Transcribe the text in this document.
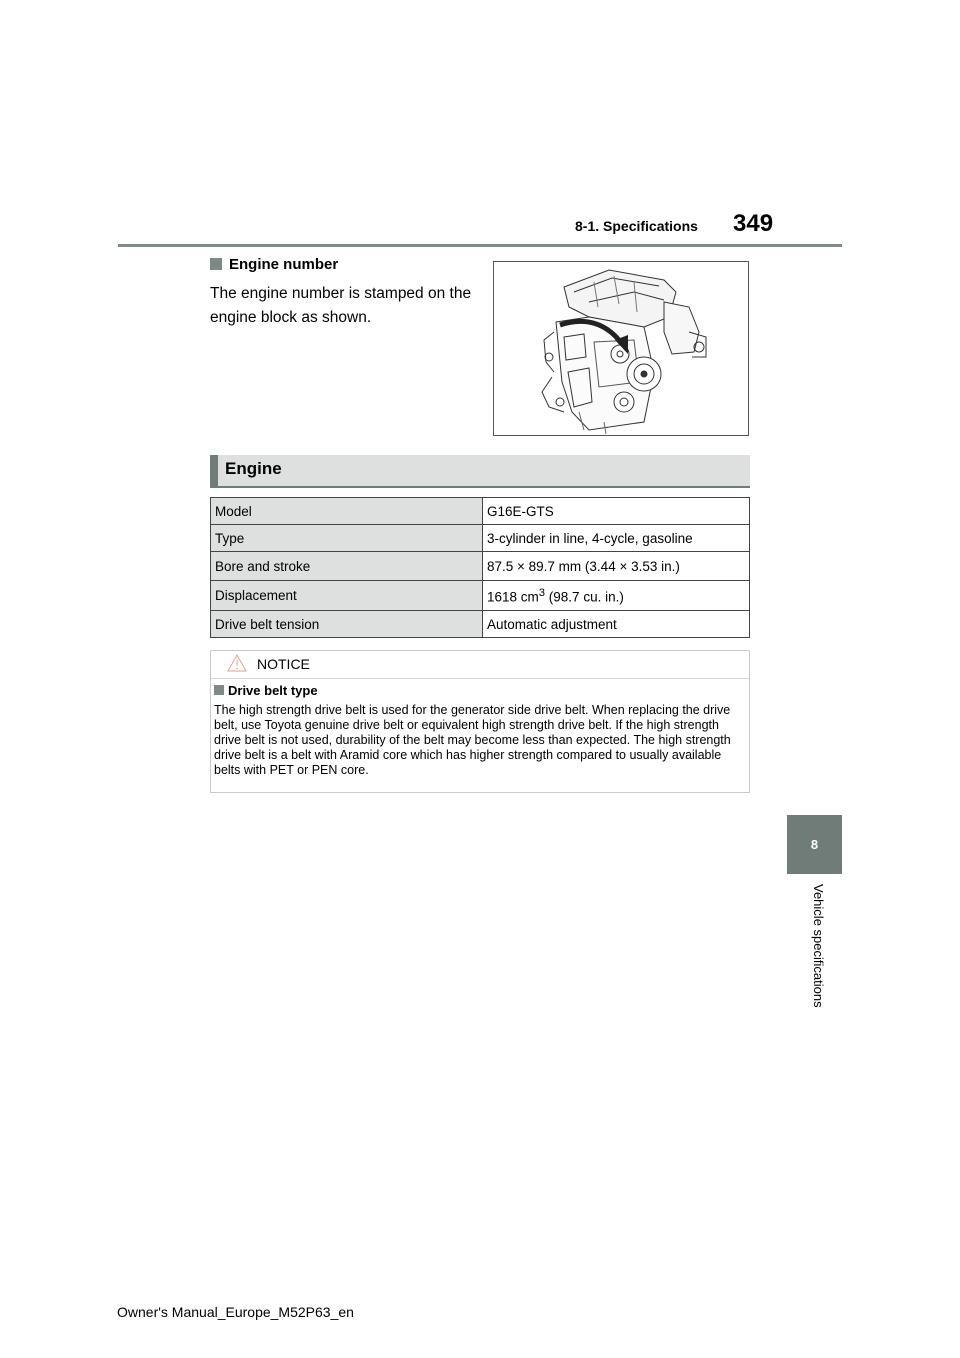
8-1. Specifications 349
8
Vehicle specifications
Engine number
The engine number is stamped on the engine block as shown.
Engine
Model	G16E-GTS
Type	3-cylinder in line, 4-cycle, gasoline
Bore and stroke	87.5 × 89.7 mm (3.44 × 3.53 in.)
Displacement	1618 $cm^3$ (98.7 cu. in.)
Drive belt tension	Automatic adjustment
NOTICE
Drive belt type
The high strength drive belt is used for the generator side drive belt. When replacing the drive belt, use Toyota genuine drive belt or equivalent high strength drive belt. If the high strength drive belt is not used, durability of the belt may become less than expected. The high strength drive belt is a belt with Aramid core which has higher strength compared to usually available belts with PET or PEN core.
Owner's Manual_Europe_M52P63_en
